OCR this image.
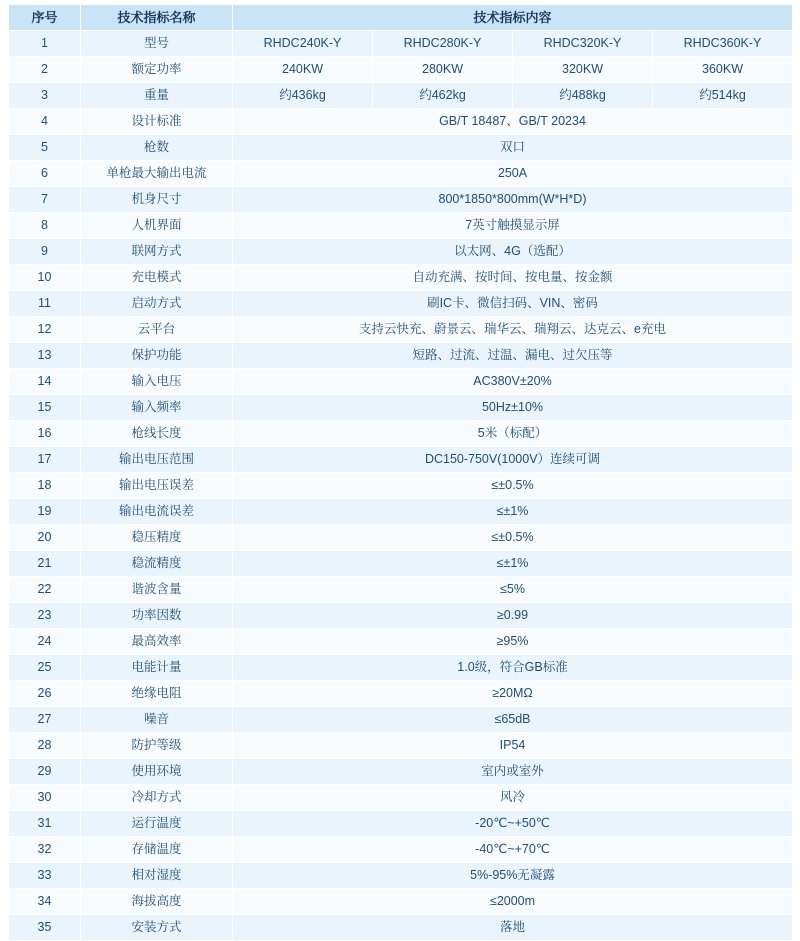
序号	技术指标名称	技术指标内容
1	型号	RHDC240K-Y RHDC280K-Y RHDC320K-Y RHDC360K-Y

2	额定功率	240KW 280KW 320KW 360KW

3	重量	约436kg 约462kg 约488kg 约514kg

4	设计标准	GB/T 18487、GB/T 20234
5	枪数	双口
6	单枪最大输出电流	250A
7	机身尺寸	800*1850*800mm(W*H*D)
8	人机界面	7英寸触摸显示屏
9	联网方式	以太网、4G（选配）
10	充电模式	自动充满、按时间、按电量、按金额
11	启动方式	刷IC卡、微信扫码、VIN、密码
12	云平台	支持云快充、蔚景云、瑞华云、瑞翔云、达克云、e充电
13	保护功能	短路、过流、过温、漏电、过欠压等
14	输入电压	AC380V±20%
15	输入频率	50Hz±10%
16	枪线长度	5米（标配）
17	输出电压范围	DC150-750V(1000V）连续可调
18	输出电压误差	≤±0.5%
19	输出电流误差	≤±1%
20	稳压精度	≤±0.5%
21	稳流精度	≤±1%
22	谐波含量	≤5%
23	功率因数	≥0.99
24	最高效率	≥95%
25	电能计量	1.0级，符合GB标准
26	绝缘电阻	≥20MΩ
27	噪音	≤65dB
28	防护等级	IP54
29	使用环境	室内或室外
30	冷却方式	风冷
31	运行温度	-20℃~+50℃
32	存储温度	-40℃~+70℃
33	相对湿度	5%-95%无凝露
34	海拔高度	≤2000m
35	安装方式	落地
